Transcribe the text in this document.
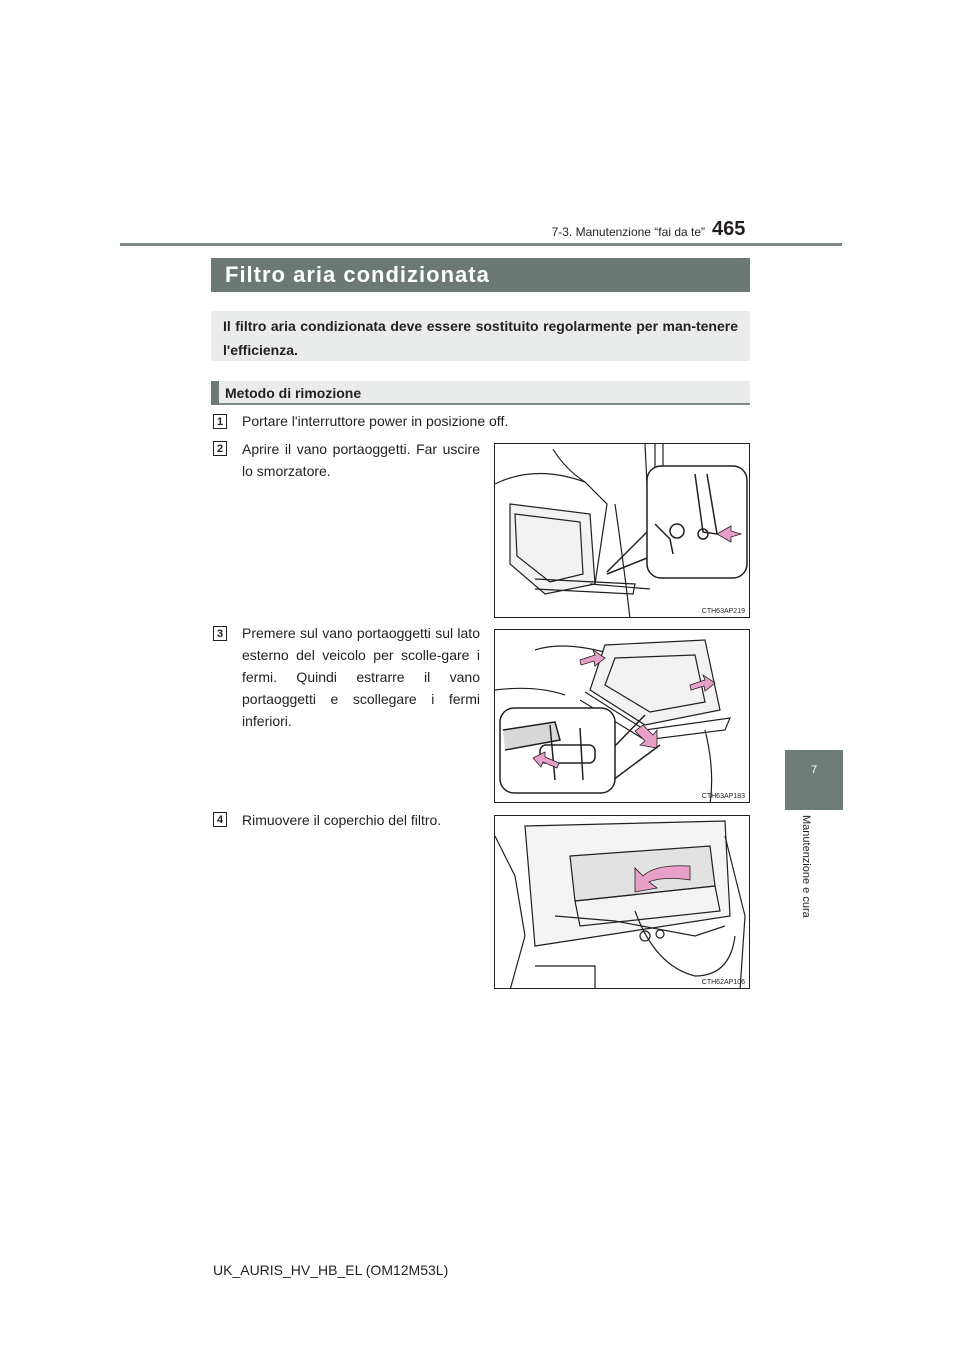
7-3. Manutenzione “fai da te” 465
7
Manutenzione e cura
Filtro aria condizionata
Il filtro aria condizionata deve essere sostituito regolarmente per man-tenere l'efficienza.
Metodo di rimozione
1 Portare l'interruttore power in posizione off.
2 Aprire il vano portaoggetti. Far uscire lo smorzatore.
CTH63AP219
3 Premere sul vano portaoggetti sul lato esterno del veicolo per scolle-gare i fermi. Quindi estrarre il vano portaoggetti e scollegare i fermi inferiori.
CTH63AP183
4 Rimuovere il coperchio del filtro.
CTH62AP106
UK_AURIS_HV_HB_EL (OM12M53L)
